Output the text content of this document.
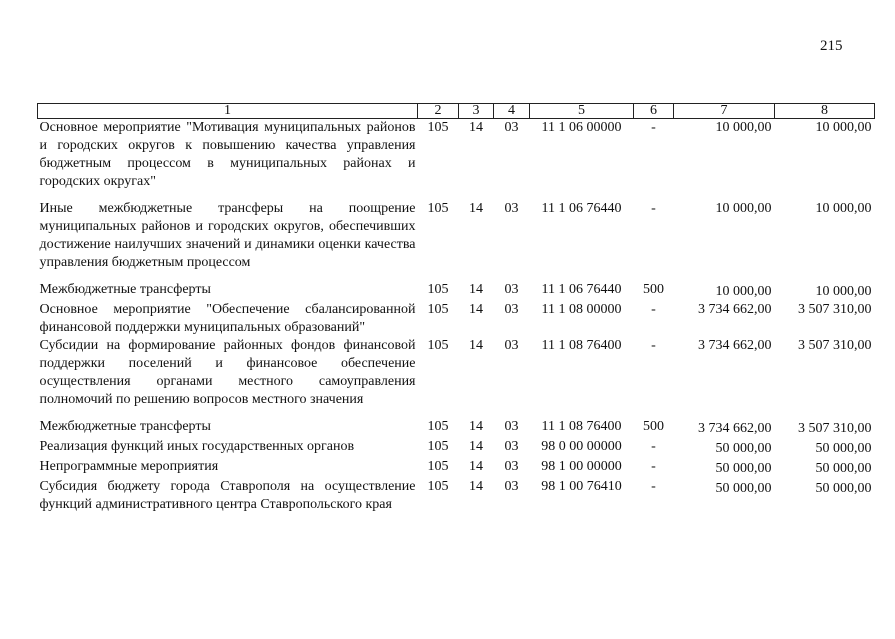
215
1	2	3	4	5	6	7	8
Основное мероприятие "Мотивация муниципальных районов и городских округов к повышению качества управления бюджетным процессом в муниципальных районах и городских округах"	105	14	03	11 1 06 00000	-	10 000,00	10 000,00
Иные межбюджетные трансферы на поощрение муниципальных районов и городских округов, обеспечивших достижение наилучших значений и динамики оценки качества управления бюджетным процессом	105	14	03	11 1 06 76440	-	10 000,00	10 000,00
Межбюджетные трансферты	105	14	03	11 1 06 76440	500	10 000,00	10 000,00
Основное мероприятие "Обеспечение сбалансированной финансовой поддержки муниципальных образований"	105	14	03	11 1 08 00000	-	3 734 662,00	3 507 310,00
Субсидии на формирование районных фондов финансовой поддержки поселений и финансовое обеспечение осуществления органами местного самоуправления полномочий по решению вопросов местного значения	105	14	03	11 1 08 76400	-	3 734 662,00	3 507 310,00
Межбюджетные трансферты	105	14	03	11 1 08 76400	500	3 734 662,00	3 507 310,00
Реализация функций иных государственных органов	105	14	03	98 0 00 00000	-	50 000,00	50 000,00
Непрограммные мероприятия	105	14	03	98 1 00 00000	-	50 000,00	50 000,00
Субсидия бюджету города Ставрополя на осуществление функций административного центра Ставропольского края	105	14	03	98 1 00 76410	-	50 000,00	50 000,00
